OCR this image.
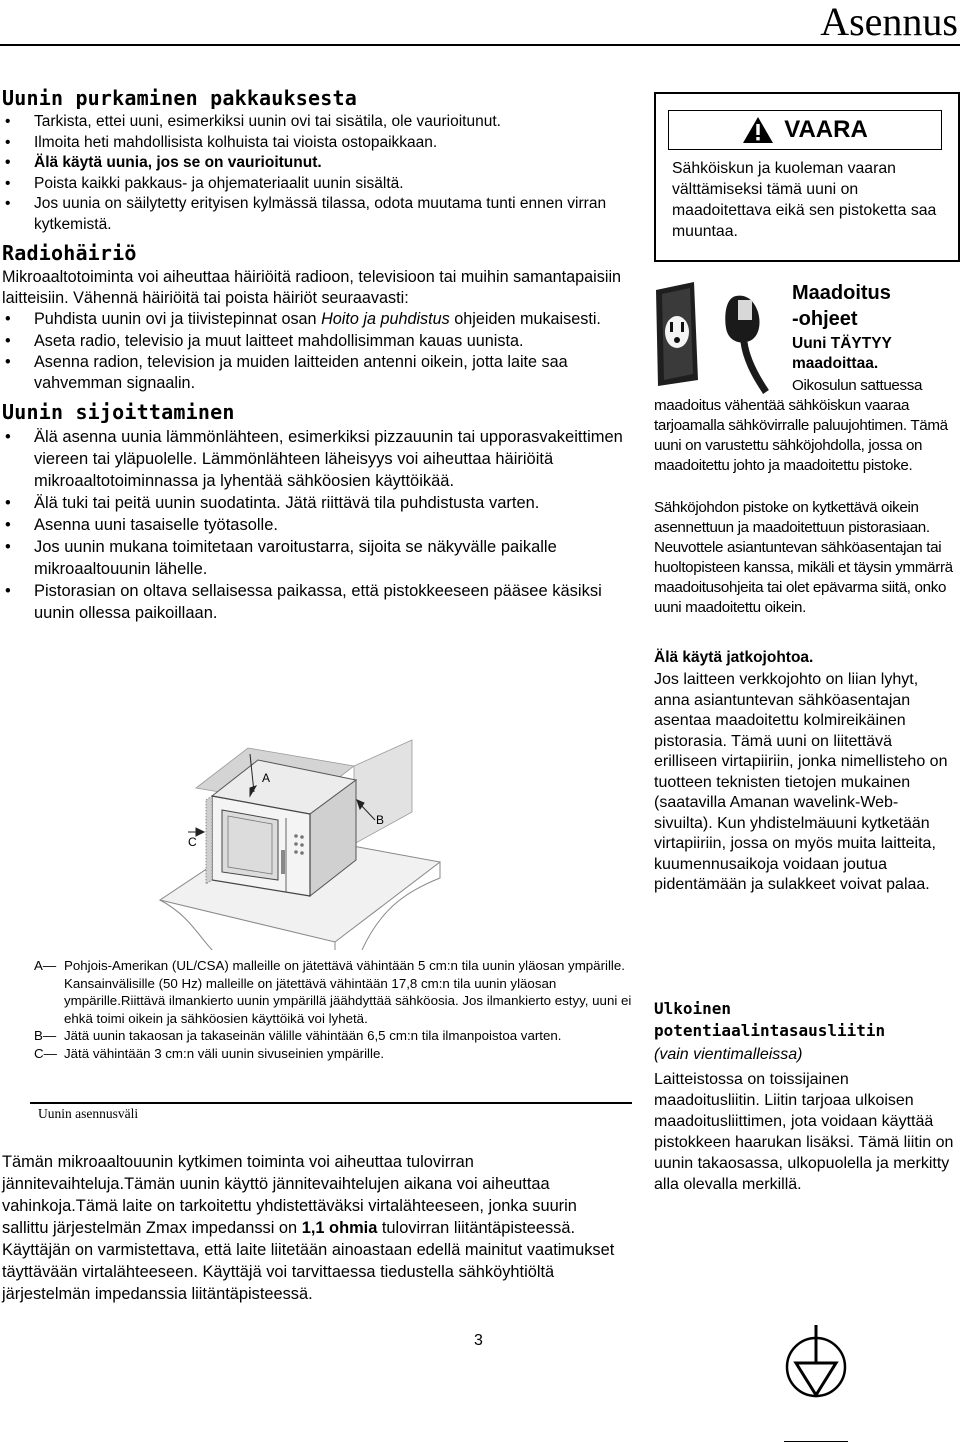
Asennus
Uunin purkaminen pakkauksesta
• Tarkista, ettei uuni, esimerkiksi uunin ovi tai sisätila, ole vaurioitunut.
• Ilmoita heti mahdollisista kolhuista tai vioista ostopaikkaan.
• Älä käytä uunia, jos se on vaurioitunut.
• Poista kaikki pakkaus- ja ohjemateriaalit uunin sisältä.
• Jos uunia on säilytetty erityisen kylmässä tilassa, odota muutama tunti ennen virran kytkemistä.
Radiohäiriö

Mikroaaltotoiminta voi aiheuttaa häiriöitä radioon, televisioon tai muihin samantapaisiin laitteisiin. Vähennä häiriöitä tai poista häiriöt seuraavasti:

• Puhdista uunin ovi ja tiivistepinnat osan Hoito ja puhdistus ohjeiden mukaisesti.
• Aseta radio, televisio ja muut laitteet mahdollisimman kauas uunista.
• Asenna radion, television ja muiden laitteiden antenni oikein, jotta laite saa vahvemman signaalin.
Uunin sijoittaminen
• Älä asenna uunia lämmönlähteen, esimerkiksi pizzauunin tai upporasvakeittimen viereen tai yläpuolelle. Lämmönlähteen läheisyys voi aiheuttaa häiriöitä mikroaaltotoiminnassa ja lyhentää sähköosien käyttöikää.
• Älä tuki tai peitä uunin suodatinta. Jätä riittävä tila puhdistusta varten.
• Asenna uuni tasaiselle työtasolle.
• Jos uunin mukana toimitetaan varoitustarra, sijoita se näkyvälle paikalle mikroaaltouunin lähelle.
• Pistorasian on oltava sellaisessa paikassa, että pistokkeeseen pääsee käsiksi uunin ollessa paikoillaan.
A
B
C

A— Pohjois-Amerikan (UL/CSA) malleille on jätettävä vähintään 5 cm:n tila uunin yläosan ympärille. Kansainvälisille (50 Hz) malleille on jätettävä vähintään 17,8 cm:n tila uunin yläosan ympärille.Riittävä ilmankierto uunin ympärillä jäähdyttää sähköosia. Jos ilmankierto estyy, uuni ei ehkä toimi oikein ja sähköosien käyttöikä voi lyhetä.

B— Jätä uunin takaosan ja takaseinän välille vähintään 6,5 cm:n tila ilmanpoistoa varten.

C— Jätä vähintään 3 cm:n väli uunin sivuseinien ympärille.

Uunin asennusväli

Tämän mikroaaltouunin kytkimen toiminta voi aiheuttaa tulovirran jännitevaihteluja.Tämän uunin käyttö jännitevaihtelujen aikana voi aiheuttaa vahinkoja.Tämä laite on tarkoitettu yhdistettäväksi virtalähteeseen, jonka suurin sallittu järjestelmän Zmax impedanssi on 1,1 ohmia tulovirran liitäntäpisteessä. Käyttäjän on varmistettava, että laite liitetään ainoastaan edellä mainitut vaatimukset täyttävään virtalähteeseen. Käyttäjä voi tarvittaessa tiedustella sähköyhtiöltä järjestelmän impedanssia liitäntäpisteessä.

3
VAARA

Sähköiskun ja kuoleman vaaran välttämiseksi tämä uuni on maadoitettava eikä sen pistoketta saa muuntaa.

Maadoitus
-ohjeet

Uuni TÄYTYY
maadoittaa.

Oikosulun sattuessa maadoitus vähentää sähköiskun vaaraa tarjoamalla sähkövirralle paluujohtimen. Tämä uuni on varustettu sähköjohdolla, jossa on maadoitettu johto ja maadoitettu pistoke.

Sähköjohdon pistoke on kytkettävä oikein asennettuun ja maadoitettuun pistorasiaan. Neuvottele asiantuntevan sähköasentajan tai huoltopisteen kanssa, mikäli et täysin ymmärrä maadoitusohjeita tai olet epävarma siitä, onko uuni maadoitettu oikein.

Älä käytä jatkojohtoa.

Jos laitteen verkkojohto on liian lyhyt, anna asiantuntevan sähköasentajan asentaa maadoitettu kolmireikäinen pistorasia. Tämä uuni on liitettävä erilliseen virtapiiriin, jonka nimellisteho on tuotteen teknisten tietojen mukainen (saatavilla Amanan wavelink-Web-sivuilta). Kun yhdistelmäuuni kytketään virtapiiriin, jossa on myös muita laitteita, kuumennusaikoja voidaan joutua pidentämään ja sulakkeet voivat palaa.

Ulkoinen potentiaalintasausliitin

(vain vientimalleissa)

Laitteistossa on toissijainen maadoitusliitin. Liitin tarjoaa ulkoisen maadoitusliittimen, jota voidaan käyttää pistokkeen haarukan lisäksi. Tämä liitin on uunin takaosassa, ulkopuolella ja merkitty alla olevalla merkillä.
